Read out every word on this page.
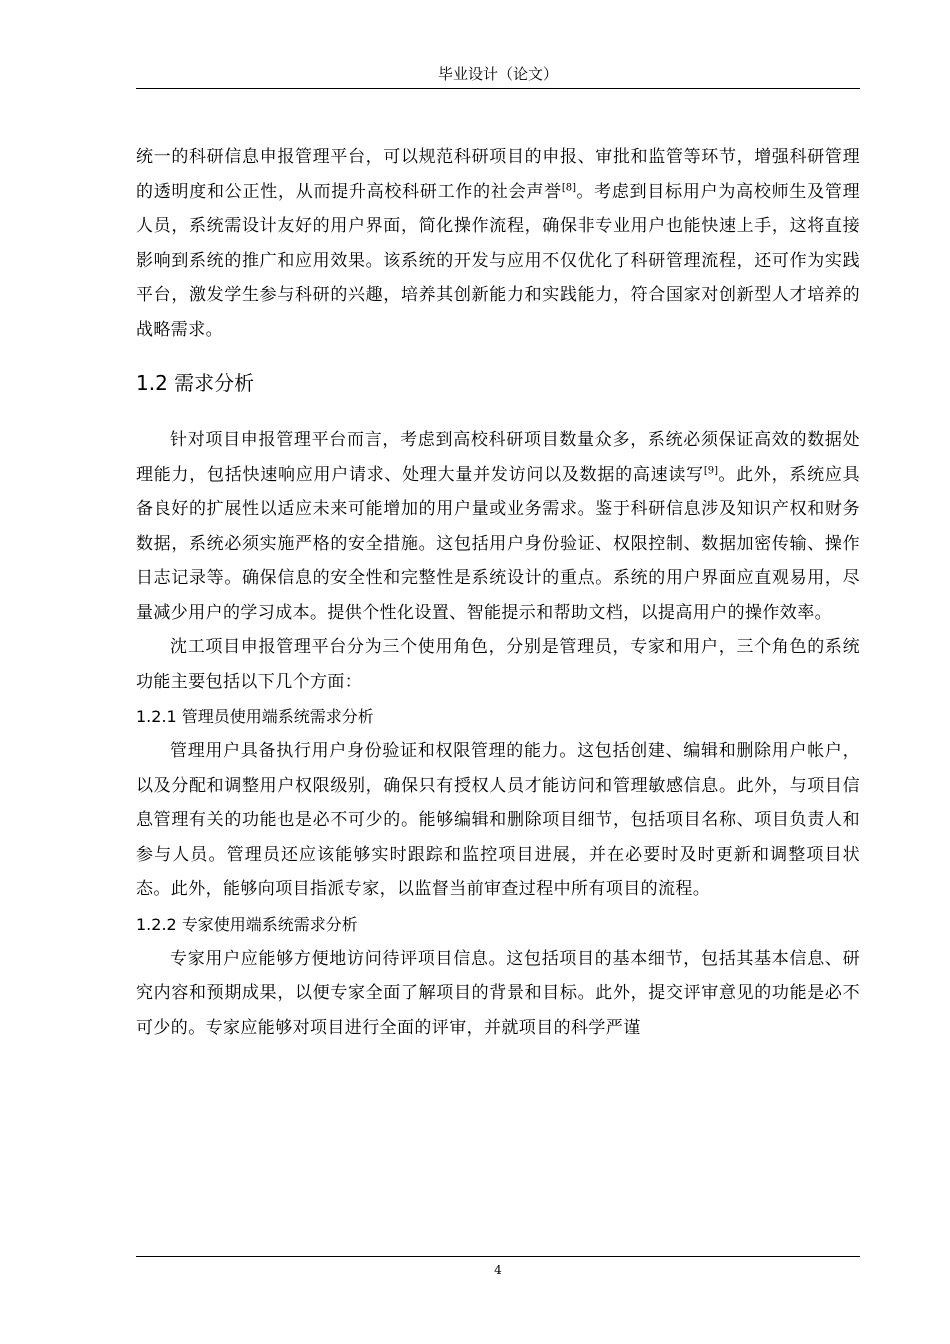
毕业设计（论文）

统一的科研信息申报管理平台，可以规范科研项目的申报、审批和监管等环节，增强科研管理的透明度和公正性，从而提升高校科研工作的社会声誉[8]。考虑到目标用户为高校师生及管理人员，系统需设计友好的用户界面，简化操作流程，确保非专业用户也能快速上手，这将直接影响到系统的推广和应用效果。该系统的开发与应用不仅优化了科研管理流程，还可作为实践平台，激发学生参与科研的兴趣，培养其创新能力和实践能力，符合国家对创新型人才培养的战略需求。

1.2 需求分析

针对项目申报管理平台而言，考虑到高校科研项目数量众多，系统必须保证高效的数据处理能力，包括快速响应用户请求、处理大量并发访问以及数据的高速读写[9]。此外，系统应具备良好的扩展性以适应未来可能增加的用户量或业务需求。鉴于科研信息涉及知识产权和财务数据，系统必须实施严格的安全措施。这包括用户身份验证、权限控制、数据加密传输、操作日志记录等。确保信息的安全性和完整性是系统设计的重点。系统的用户界面应直观易用，尽量减少用户的学习成本。提供个性化设置、智能提示和帮助文档，以提高用户的操作效率。

沈工项目申报管理平台分为三个使用角色，分别是管理员，专家和用户，三个角色的系统功能主要包括以下几个方面：

1.2.1 管理员使用端系统需求分析

管理用户具备执行用户身份验证和权限管理的能力。这包括创建、编辑和删除用户帐户，以及分配和调整用户权限级别，确保只有授权人员才能访问和管理敏感信息。此外，与项目信息管理有关的功能也是必不可少的。能够编辑和删除项目细节，包括项目名称、项目负责人和参与人员。管理员还应该能够实时跟踪和监控项目进展，并在必要时及时更新和调整项目状态。此外，能够向项目指派专家，以监督当前审查过程中所有项目的流程。

1.2.2 专家使用端系统需求分析

专家用户应能够方便地访问待评项目信息。这包括项目的基本细节，包括其基本信息、研究内容和预期成果，以便专家全面了解项目的背景和目标。此外，提交评审意见的功能是必不可少的。专家应能够对项目进行全面的评审，并就项目的科学严谨

4
